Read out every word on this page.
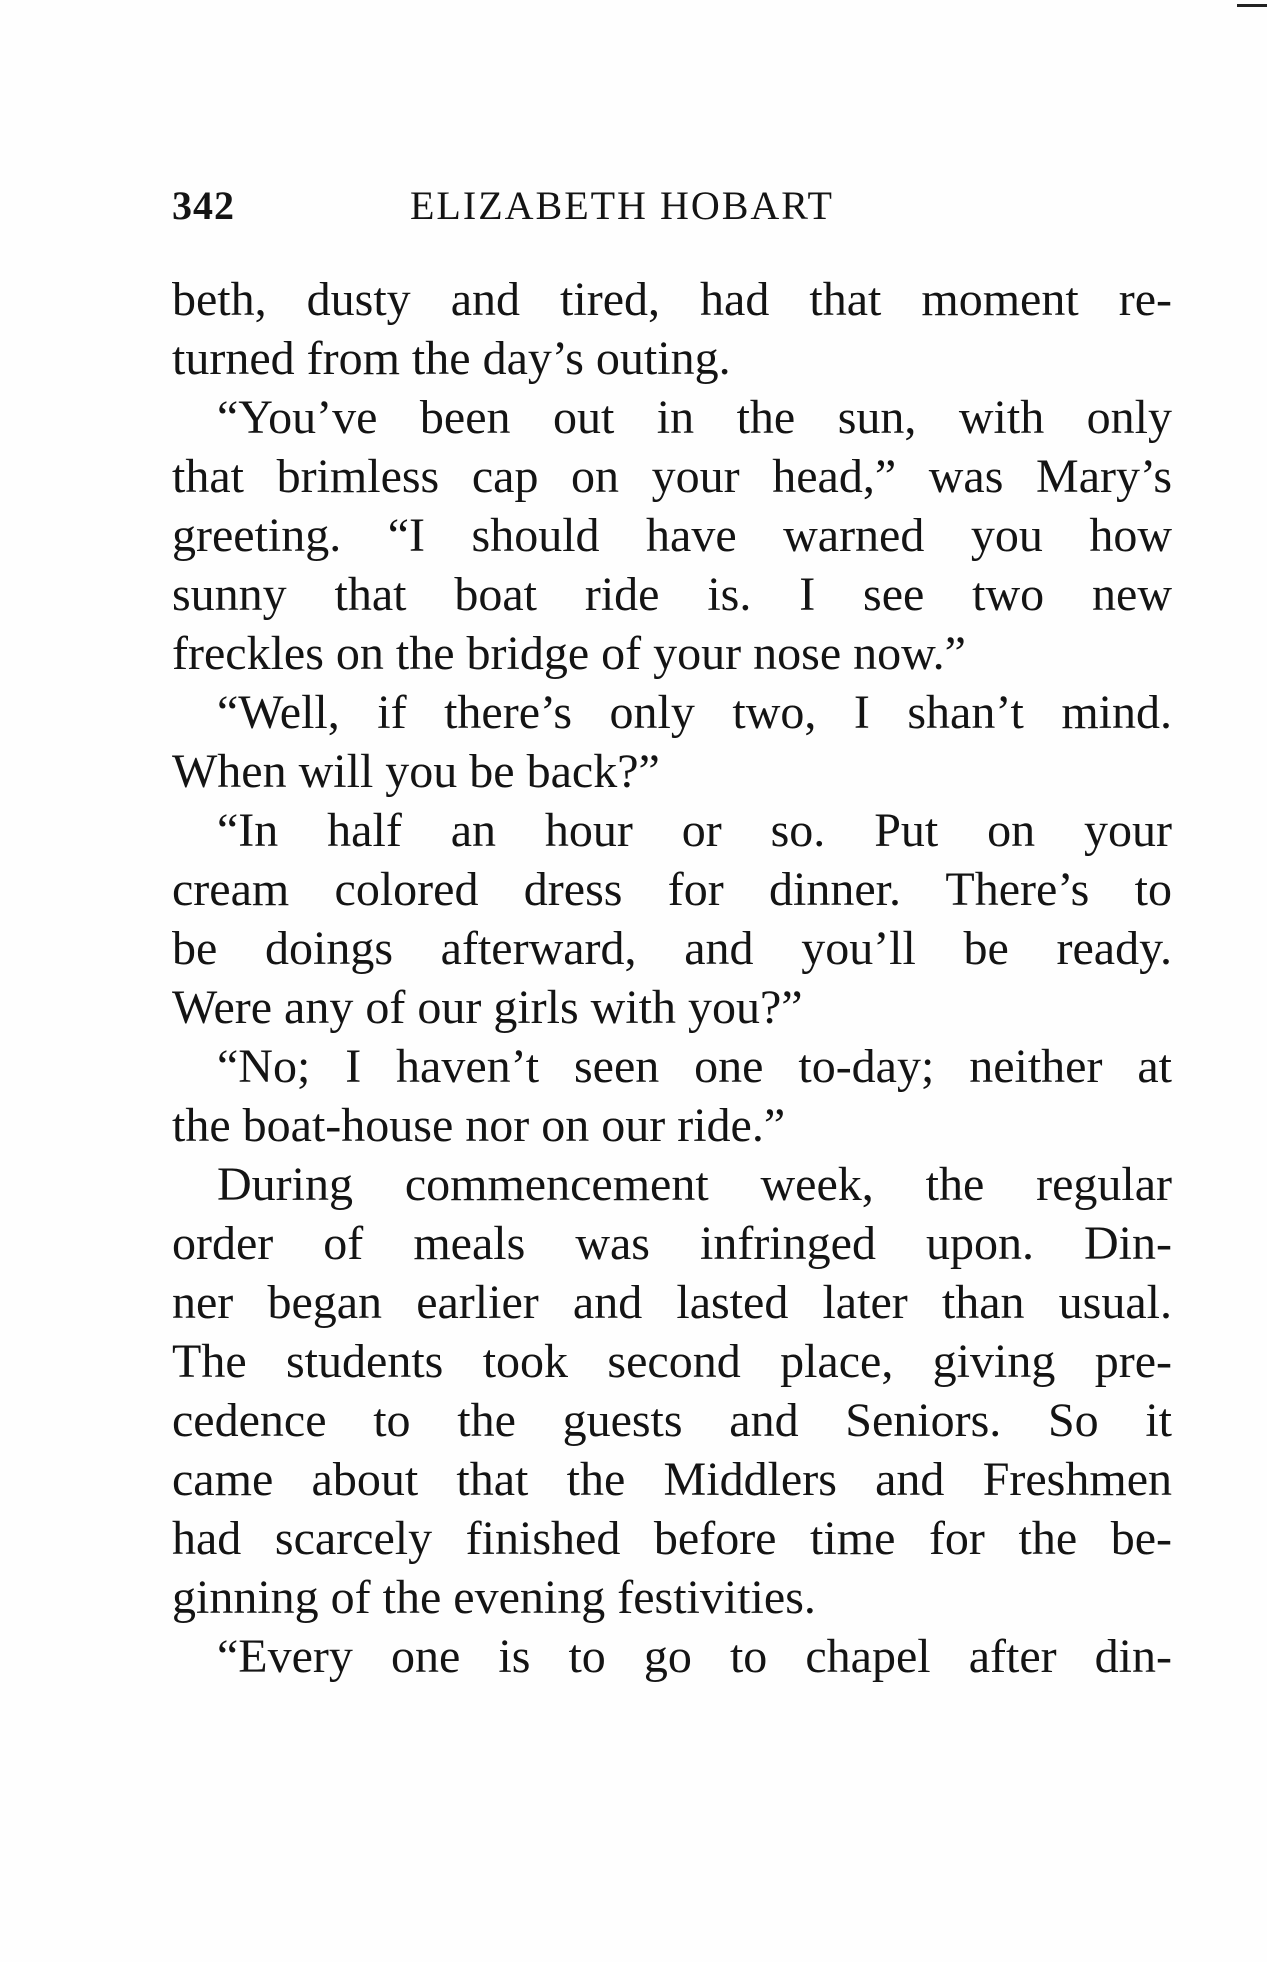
342	ELIZABETH HOBART
beth, dusty and tired, had that moment re-
turned from the day’s outing.
“You’ve been out in the sun, with only
that brimless cap on your head,” was Mary’s
greeting. “I should have warned you how
sunny that boat ride is. I see two new
freckles on the bridge of your nose now.”
“Well, if there’s only two, I shan’t mind.
When will you be back?”
“In half an hour or so. Put on your
cream colored dress for dinner. There’s to
be doings afterward, and you’ll be ready.
Were any of our girls with you?”
“No; I haven’t seen one to-day; neither at
the boat-house nor on our ride.”
During commencement week, the regular
order of meals was infringed upon. Din-
ner began earlier and lasted later than usual.
The students took second place, giving pre-
cedence to the guests and Seniors. So it
came about that the Middlers and Freshmen
had scarcely finished before time for the be-
ginning of the evening festivities.
“Every one is to go to chapel after din-
